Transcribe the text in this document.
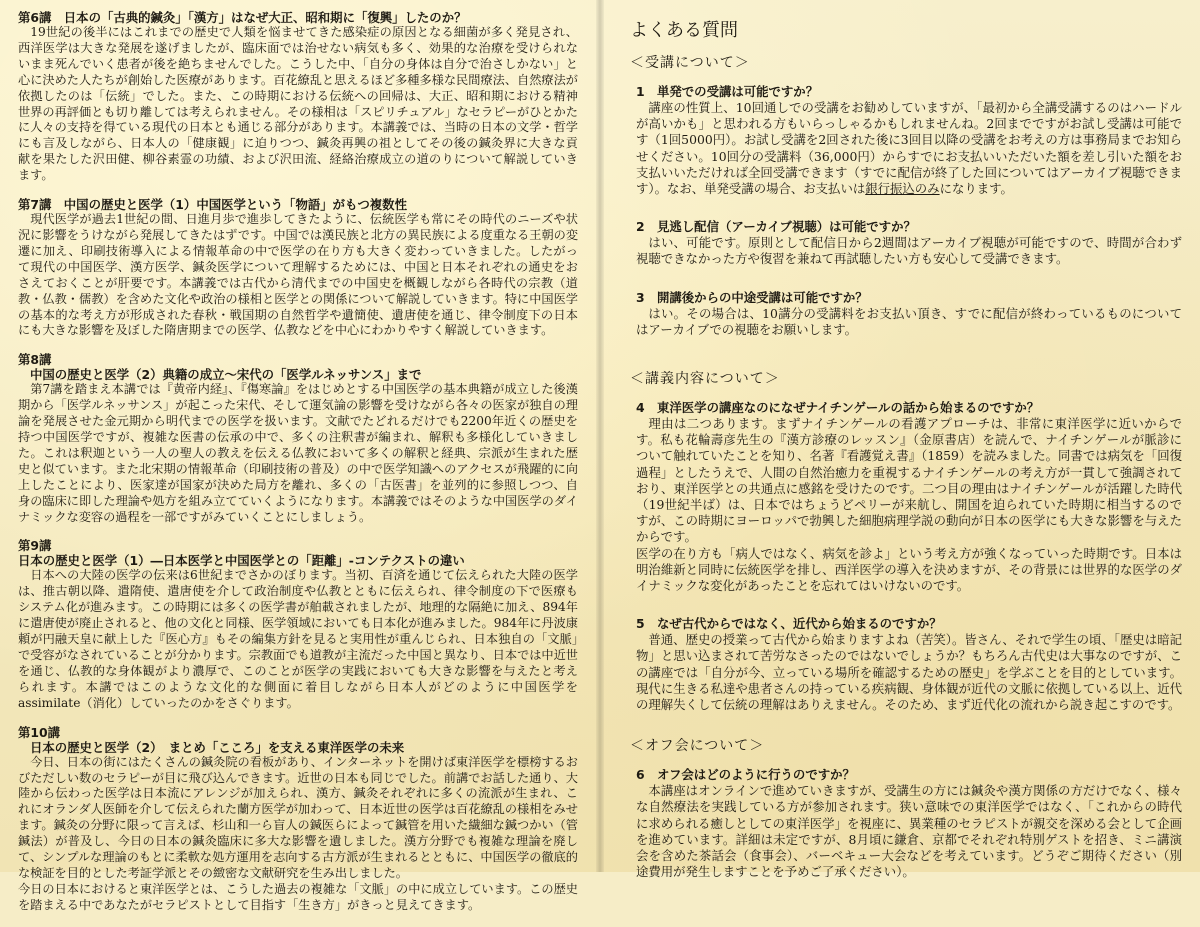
第6講　日本の「古典的鍼灸」「漢方」はなぜ大正、昭和期に「復興」したのか？

19世紀の後半にはこれまでの歴史で人類を悩ませてきた感染症の原因となる細菌が多く発見され、西洋医学は大きな発展を遂げましたが、臨床面では治せない病気も多く、効果的な治療を受けられないまま死んでいく患者が後を絶ちませんでした。こうした中、「自分の身体は自分で治さしかない」と心に決めた人たちが創始した医療があります。百花繚乱と思えるほど多種多様な民間療法、自然療法が依拠したのは「伝統」でした。また、この時期における伝統への回帰は、大正、昭和期における精神世界の再評価とも切り離しては考えられません。その様相は「スピリチュアル」なセラピーがひとかたに人々の支持を得ている現代の日本とも通じる部分があります。本講義では、当時の日本の文学・哲学にも言及しながら、日本人の「健康観」に迫りつつ、鍼灸再興の祖としてその後の鍼灸界に大きな貢献を果たした沢田健、柳谷素霊の功績、および沢田流、経絡治療成立の道のりについて解説していきます。

第7講　中国の歴史と医学（1）中国医学という「物語」がもつ複数性

現代医学が過去1世紀の間、日進月歩で進歩してきたように、伝統医学も常にその時代のニーズや状況に影響をうけながら発展してきたはずです。中国では漢民族と北方の異民族による度重なる王朝の変遷に加え、印刷技術導入による情報革命の中で医学の在り方も大きく変わっていきました。したがって現代の中国医学、漢方医学、鍼灸医学について理解するためには、中国と日本それぞれの通史をおさえておくことが肝要です。本講義では古代から清代までの中国史を概観しながら各時代の宗教（道教・仏教・儒教）を含めた文化や政治の様相と医学との関係について解説していきます。特に中国医学の基本的な考え方が形成された春秋・戦国期の自然哲学や遺簡使、遺唐使を通じ、律令制度下の日本にも大きな影響を及ぼした隋唐期までの医学、仏教などを中心にわかりやすく解説していきます。

第8講

中国の歴史と医学（2）典籍の成立～宋代の「医学ルネッサンス」まで

第7講を踏まえ本講では『黄帝内経』、『傷寒論』をはじめとする中国医学の基本典籍が成立した後漢期から「医学ルネッサンス」が起こった宋代、そして運気論の影響を受けながら各々の医家が独自の理論を発展させた金元期から明代までの医学を扱います。文献でたどれるだけでも2200年近くの歴史を持つ中国医学ですが、複雑な医書の伝承の中で、多くの注釈書が編まれ、解釈も多様化していきました。これは釈迦という一人の聖人の教えを伝える仏教において多くの解釈と経典、宗派が生まれた歴史と似ています。また北宋期の情報革命（印刷技術の普及）の中で医学知識へのアクセスが飛躍的に向上したことにより、医家達が国家が決めた局方を離れ、多くの「古医書」を並列的に参照しつつ、自身の臨床に即した理論や処方を組み立てていくようになります。本講義ではそのような中国医学のダイナミックな変容の過程を一部ですがみていくことにしましょう。

第9講

日本の歴史と医学（1）―日本医学と中国医学との「距離」-コンテクストの違い

日本への大陸の医学の伝来は6世紀までさかのぼります。当初、百済を通じて伝えられた大陸の医学は、推古朝以降、遣隋使、遣唐使を介して政治制度や仏教とともに伝えられ、律令制度の下で医療もシステム化が進みます。この時期には多くの医学書が舶載されましたが、地理的な隔絶に加え、894年に遣唐使が廃止されると、他の文化と同様、医学領域においても日本化が進みました。984年に丹波康頼が円融天皇に献上した『医心方』もその編集方針を見ると実用性が重んじられ、日本独自の「文脈」で受容がなされていることが分かります。宗教面でも道教が主流だった中国と異なり、日本では中近世を通じ、仏教的な身体観がより濃厚で、このことが医学の実践においても大きな影響を与えたと考えられます。本講ではこのような文化的な側面に着目しながら日本人がどのように中国医学をassimilate（消化）していったのかをさぐります。

第10講

日本の歴史と医学（2）　まとめ「こころ」を支える東洋医学の未来

今日、日本の街にはたくさんの鍼灸院の看板があり、インターネットを開けば東洋医学を標榜するおびただしい数のセラピーが目に飛び込んできます。近世の日本も同じでした。前講でお話した通り、大陸から伝わった医学は日本流にアレンジが加えられ、漢方、鍼灸それぞれに多くの流派が生まれ、これにオランダ人医師を介して伝えられた蘭方医学が加わって、日本近世の医学は百花繚乱の様相をみせます。鍼灸の分野に限って言えば、杉山和一ら盲人の鍼医らによって鍼管を用いた繊細な鍼つかい（管鍼法）が普及し、今日の日本の鍼灸臨床に多大な影響を遺しました。漢方分野でも複雑な理論を廃して、シンプルな理論のもとに柔軟な処方運用を志向する古方派が生まれるとともに、中国医学の徹底的な検証を目的とした考証学派とその緻密な文献研究を生み出しました。
今日の日本におけると東洋医学とは、こうした過去の複雑な「文脈」の中に成立しています。この歴史を踏まえる中であなたがセラピストとして目指す「生き方」がきっと見えてきます。

よくある質問
＜受講について＞

1　単発での受講は可能ですか？

講座の性質上、10回通しでの受講をお勧めしていますが、「最初から全講受講するのはハードルが高いかも」と思われる方もいらっしゃるかもしれませんね。2回までですがお試し受講は可能です（1回5000円）。お試し受講を2回された後に3回目以降の受講をお考えの方は事務局までお知らせください。10回分の受講料（36,000円）からすでにお支払いいただいた額を差し引いた額をお支払いいただければ全回受講できます（すでに配信が終了した回についてはアーカイブ視聴できます）。なお、単発受講の場合、お支払いは銀行振込のみになります。

2　見逃し配信（アーカイブ視聴）は可能ですか？

はい、可能です。原則として配信日から2週間はアーカイブ視聴が可能ですので、時間が合わず視聴できなかった方や復習を兼ねて再試聴したい方も安心して受講できます。

3　開講後からの中途受講は可能ですか？

はい。その場合は、10講分の受講料をお支払い頂き、すでに配信が終わっているものについてはアーカイブでの視聴をお願いします。

＜講義内容について＞

4　東洋医学の講座なのになぜナイチンゲールの話から始まるのですか？

理由は二つあります。まずナイチンゲールの看護アプローチは、非常に東洋医学に近いからです。私も花輪壽彦先生の『漢方診療のレッスン』（金原書店）を読んで、ナイチンゲールが脈診について触れていたことを知り、名著『看護覚え書』（1859）を読みました。同書では病気を「回復過程」としたうえで、人間の自然治癒力を重視するナイチンゲールの考え方が一貫して強調されており、東洋医学との共通点に感銘を受けたのです。二つ目の理由はナイチンゲールが活躍した時代（19世紀半ば）は、日本ではちょうどペリーが来航し、開国を迫られていた時期に相当するのですが、この時期にヨーロッパで勃興した細胞病理学説の動向が日本の医学にも大きな影響を与えたからです。
医学の在り方も「病人ではなく、病気を診よ」という考え方が強くなっていった時期です。日本は明治維新と同時に伝統医学を排し、西洋医学の導入を決めますが、その背景には世界的な医学のダイナミックな変化があったことを忘れてはいけないのです。

5　なぜ古代からではなく、近代から始まるのですか？

普通、歴史の授業って古代から始まりますよね（苦笑）。皆さん、それで学生の頃、「歴史は暗記物」と思い込まされて苦労なさったのではないでしょうか？もちろん古代史は大事なのですが、この講座では「自分が今、立っている場所を確認するための歴史」を学ぶことを目的としています。現代に生きる私達や患者さんの持っている疾病観、身体観が近代の文脈に依拠している以上、近代の理解失くして伝統の理解はありえません。そのため、まず近代化の流れから説き起こすのです。

＜オフ会について＞

6　オフ会はどのように行うのですか？

本講座はオンラインで進めていきますが、受講生の方には鍼灸や漢方関係の方だけでなく、様々な自然療法を実践している方が参加されます。狭い意味での東洋医学ではなく、「これからの時代に求められる癒しとしての東洋医学」を視座に、異業種のセラピストが親交を深める会として企画を進めています。詳細は未定ですが、8月頃に鎌倉、京都でそれぞれ特別ゲストを招き、ミニ講演会を含めた茶話会（食事会）、バーベキュー大会などを考えています。どうぞご期待ください（別途費用が発生しますことを予めご了承ください）。
